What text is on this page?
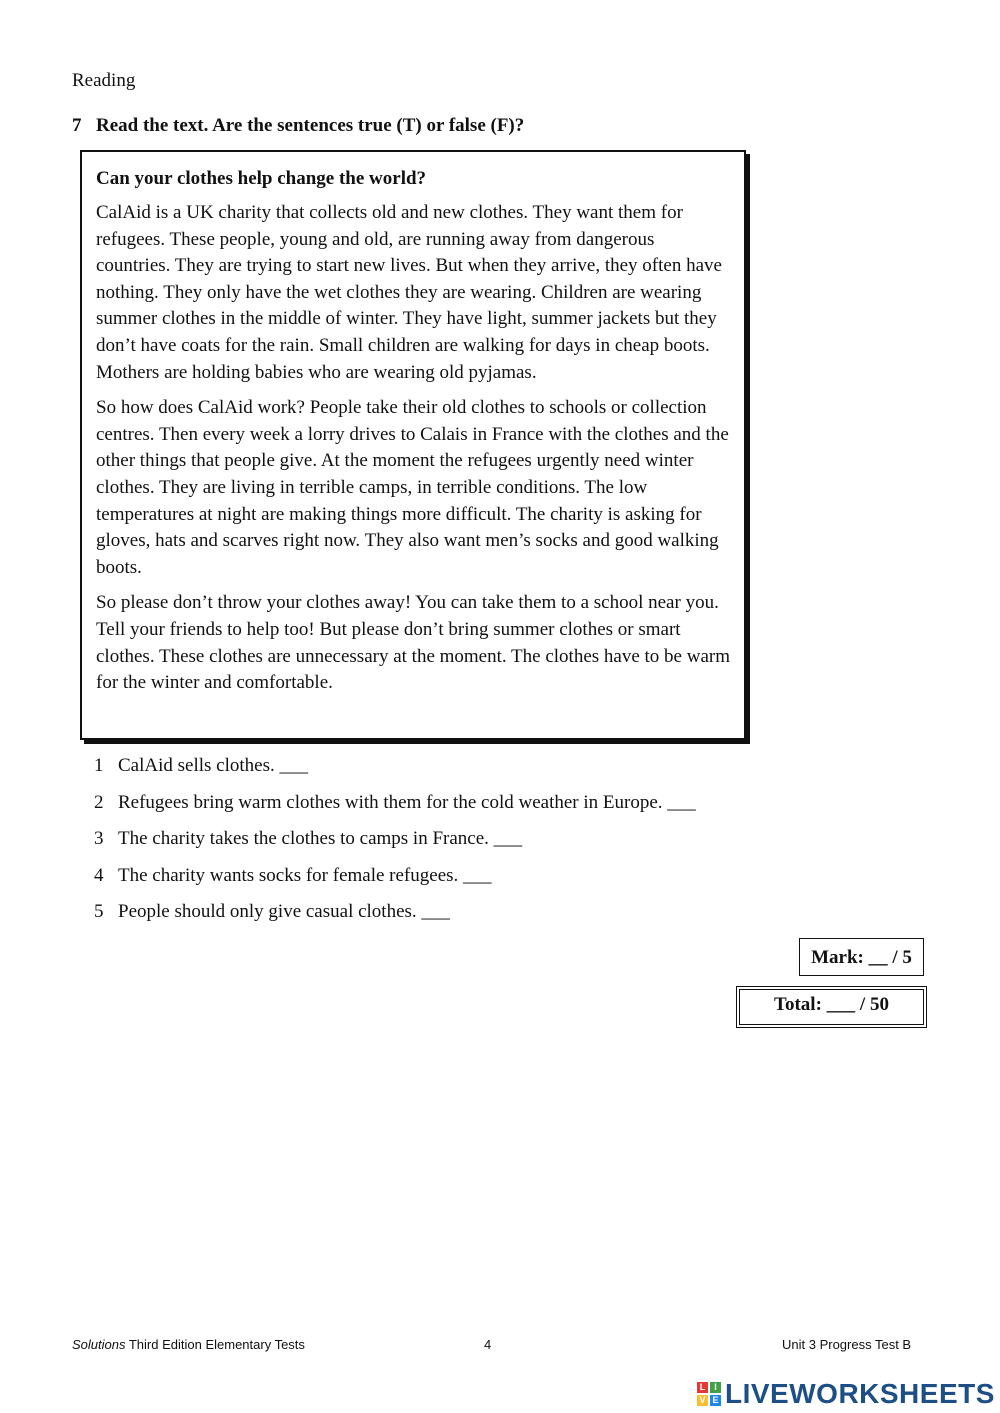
Reading
7 Read the text. Are the sentences true (T) or false (F)?
Can your clothes help change the world?

CalAid is a UK charity that collects old and new clothes. They want them for refugees. These people, young and old, are running away from dangerous countries. They are trying to start new lives. But when they arrive, they often have nothing. They only have the wet clothes they are wearing. Children are wearing summer clothes in the middle of winter. They have light, summer jackets but they don’t have coats for the rain. Small children are walking for days in cheap boots. Mothers are holding babies who are wearing old pyjamas.

So how does CalAid work? People take their old clothes to schools or collection centres. Then every week a lorry drives to Calais in France with the clothes and the other things that people give. At the moment the refugees urgently need winter clothes. They are living in terrible camps, in terrible conditions. The low temperatures at night are making things more difficult. The charity is asking for gloves, hats and scarves right now. They also want men’s socks and good walking boots.

So please don’t throw your clothes away! You can take them to a school near you. Tell your friends to help too! But please don’t bring summer clothes or smart clothes. These clothes are unnecessary at the moment. The clothes have to be warm for the winter and comfortable.

1 CalAid sells clothes. ___
2 Refugees bring warm clothes with them for the cold weather in Europe. ___
3 The charity takes the clothes to camps in France. ___
4 The charity wants socks for female refugees. ___
5 People should only give casual clothes. ___
Mark: __ / 5
Total: ___ / 50
Solutions Third Edition Elementary Tests	4	Unit 3 Progress Test B
L I
V E LIVEWORKSHEETS
